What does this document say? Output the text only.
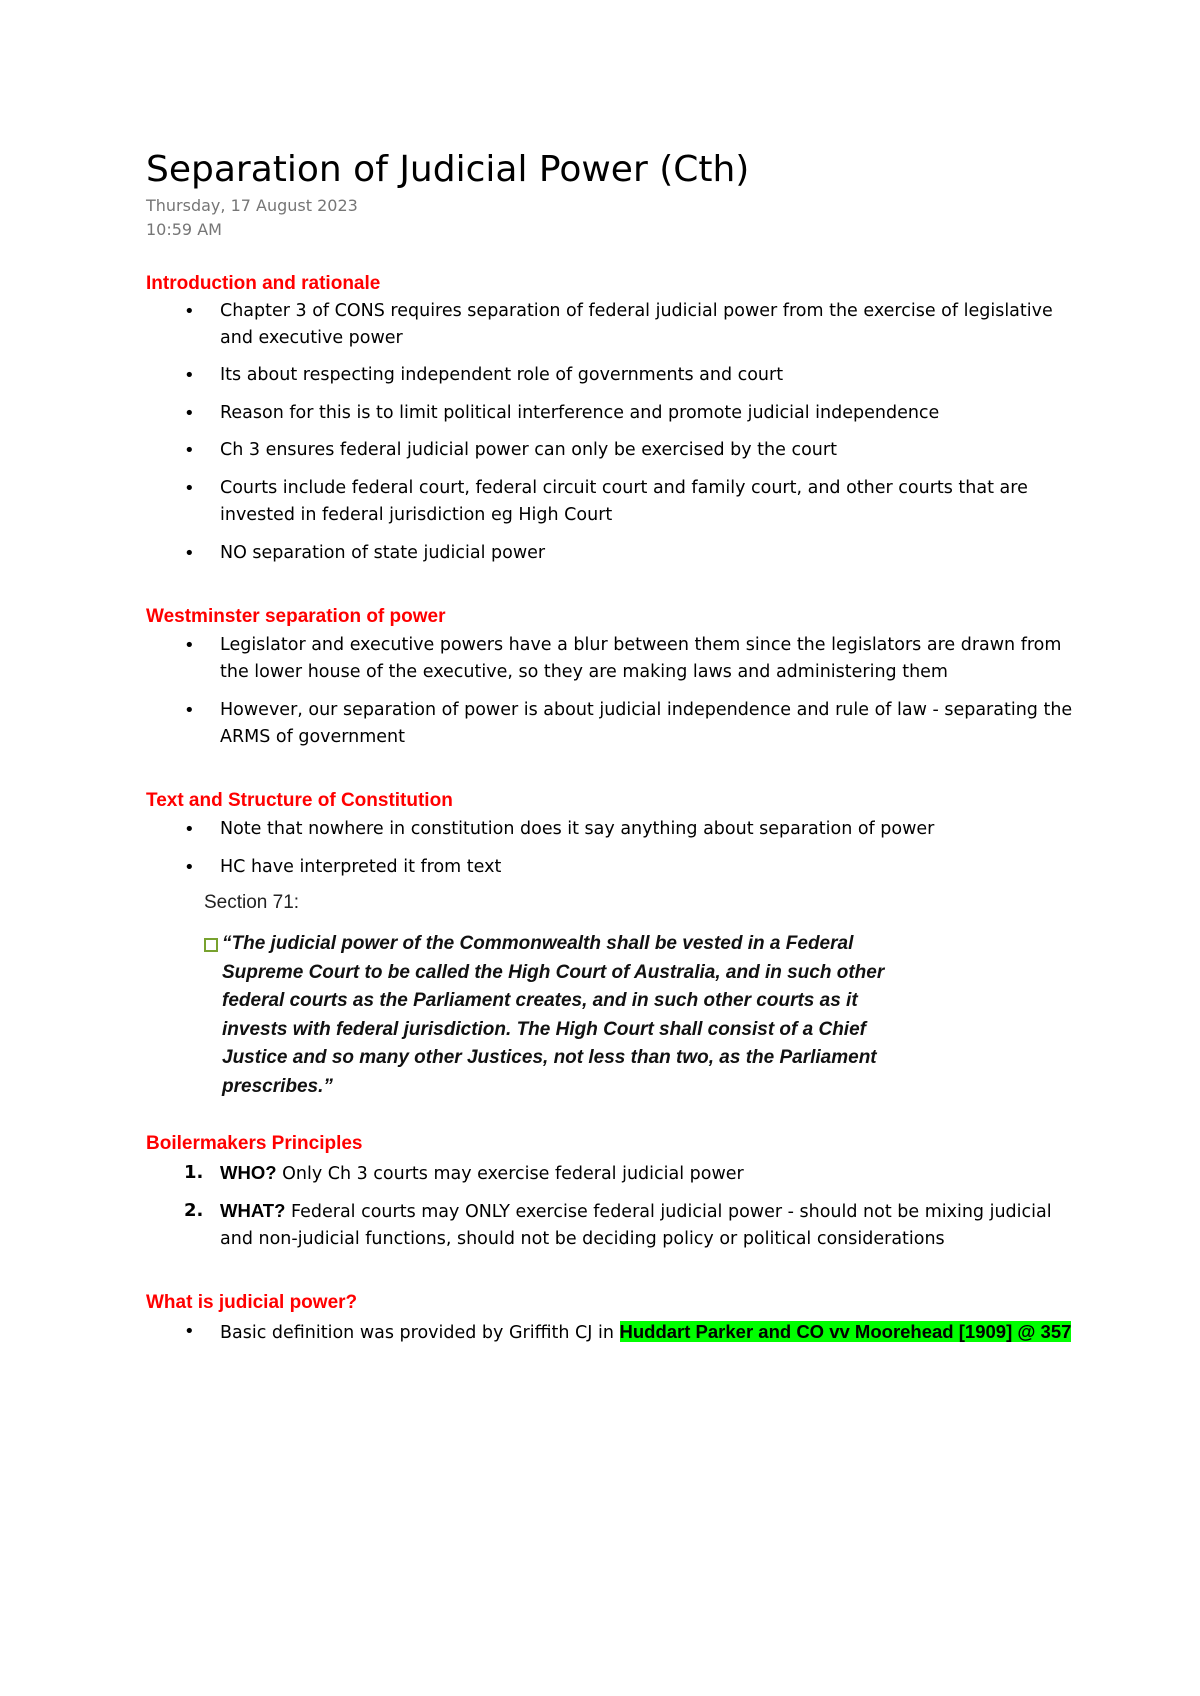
Separation of Judicial Power (Cth)
Thursday, 17 August 2023
10:59 AM
Introduction and rationale
•	Chapter 3 of CONS requires separation of federal judicial power from the exercise of legislative and executive power
•	Its about respecting independent role of governments and court
•	Reason for this is to limit political interference and promote judicial independence
•	Ch 3 ensures federal judicial power can only be exercised by the court
•	Courts include federal court, federal circuit court and family court, and other courts that are invested in federal jurisdiction eg High Court
•	NO separation of state judicial power
Westminster separation of power
•	Legislator and executive powers have a blur between them since the legislators are drawn from the lower house of the executive, so they are making laws and administering them
•	However, our separation of power is about judicial independence and rule of law - separating the ARMS of government
Text and Structure of Constitution
•	Note that nowhere in constitution does it say anything about separation of power
•	HC have interpreted it from text
Section 71:
“The judicial power of the Commonwealth shall be vested in a Federal Supreme Court to be called the High Court of Australia, and in such other federal courts as the Parliament creates, and in such other courts as it invests with federal jurisdiction. The High Court shall consist of a Chief Justice and so many other Justices, not less than two, as the Parliament prescribes.”
Boilermakers Principles
1. WHO? Only Ch 3 courts may exercise federal judicial power
2. WHAT? Federal courts may ONLY exercise federal judicial power - should not be mixing judicial and non-judicial functions, should not be deciding policy or political considerations
What is judicial power?
•	Basic definition was provided by Griffith CJ in Huddart Parker and CO vv Moorehead [1909] @ 357
